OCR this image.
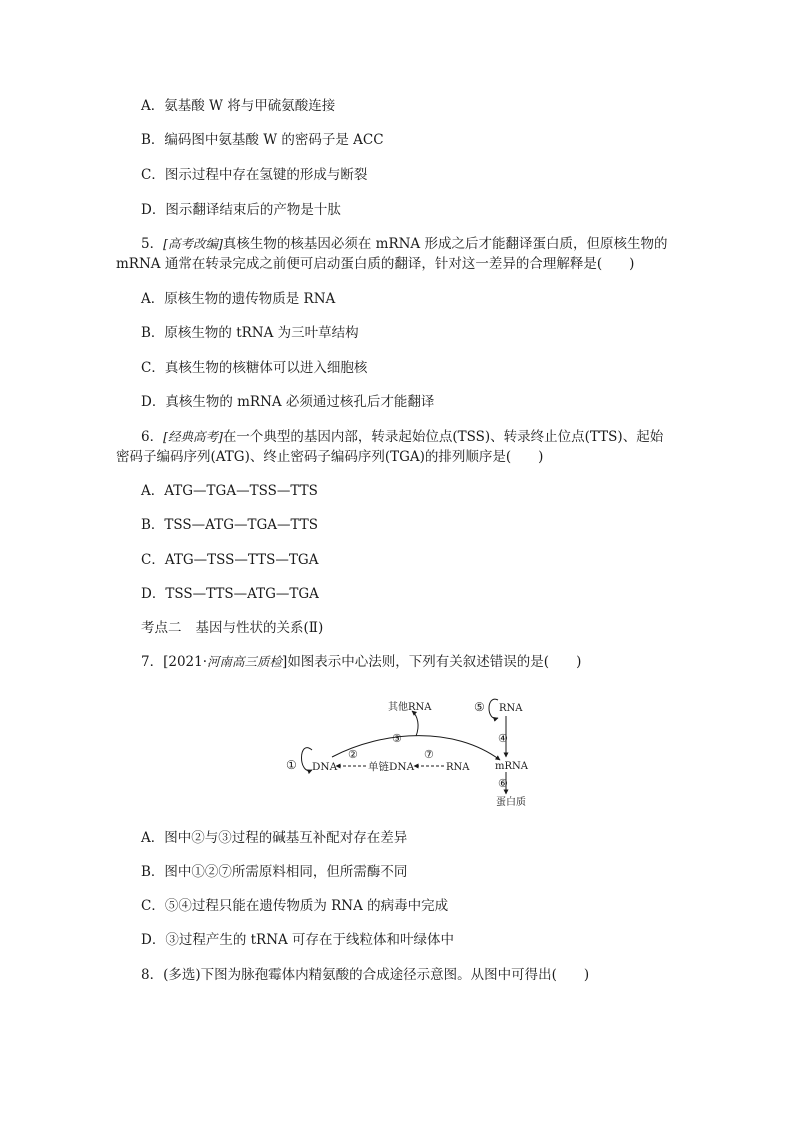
A．氨基酸 W 将与甲硫氨酸连接
B．编码图中氨基酸 W 的密码子是 ACC
C．图示过程中存在氢键的形成与断裂
D．图示翻译结束后的产物是十肽
5．[高考改编]真核生物的核基因必须在 mRNA 形成之后才能翻译蛋白质，但原核生物的
mRNA 通常在转录完成之前便可启动蛋白质的翻译，针对这一差异的合理解释是(　　)
A．原核生物的遗传物质是 RNA
B．原核生物的 tRNA 为三叶草结构
C．真核生物的核糖体可以进入细胞核
D．真核生物的 mRNA 必须通过核孔后才能翻译
6．[经典高考]在一个典型的基因内部，转录起始位点(TSS)、转录终止位点(TTS)、起始
密码子编码序列(ATG)、终止密码子编码序列(TGA)的排列顺序是(　　)
A．ATG—TGA—TSS—TTS
B．TSS—ATG—TGA—TTS
C．ATG—TSS—TTS—TGA
D．TSS—TTS—ATG—TGA
考点二 基因与性状的关系(Ⅱ)
7．[2021·河南高三质检]如图表示中心法则，下列有关叙述错误的是(　　)
① DNA
③
其他RNA
②
单链DNA
⑦
RNA
⑤ RNA
④
mRNA
⑥
蛋白质
A．图中②与③过程的碱基互补配对存在差异
B．图中①②⑦所需原料相同，但所需酶不同
C．⑤④过程只能在遗传物质为 RNA 的病毒中完成
D．③过程产生的 tRNA 可存在于线粒体和叶绿体中
8．(多选)下图为脉孢霉体内精氨酸的合成途径示意图。从图中可得出(　　)
